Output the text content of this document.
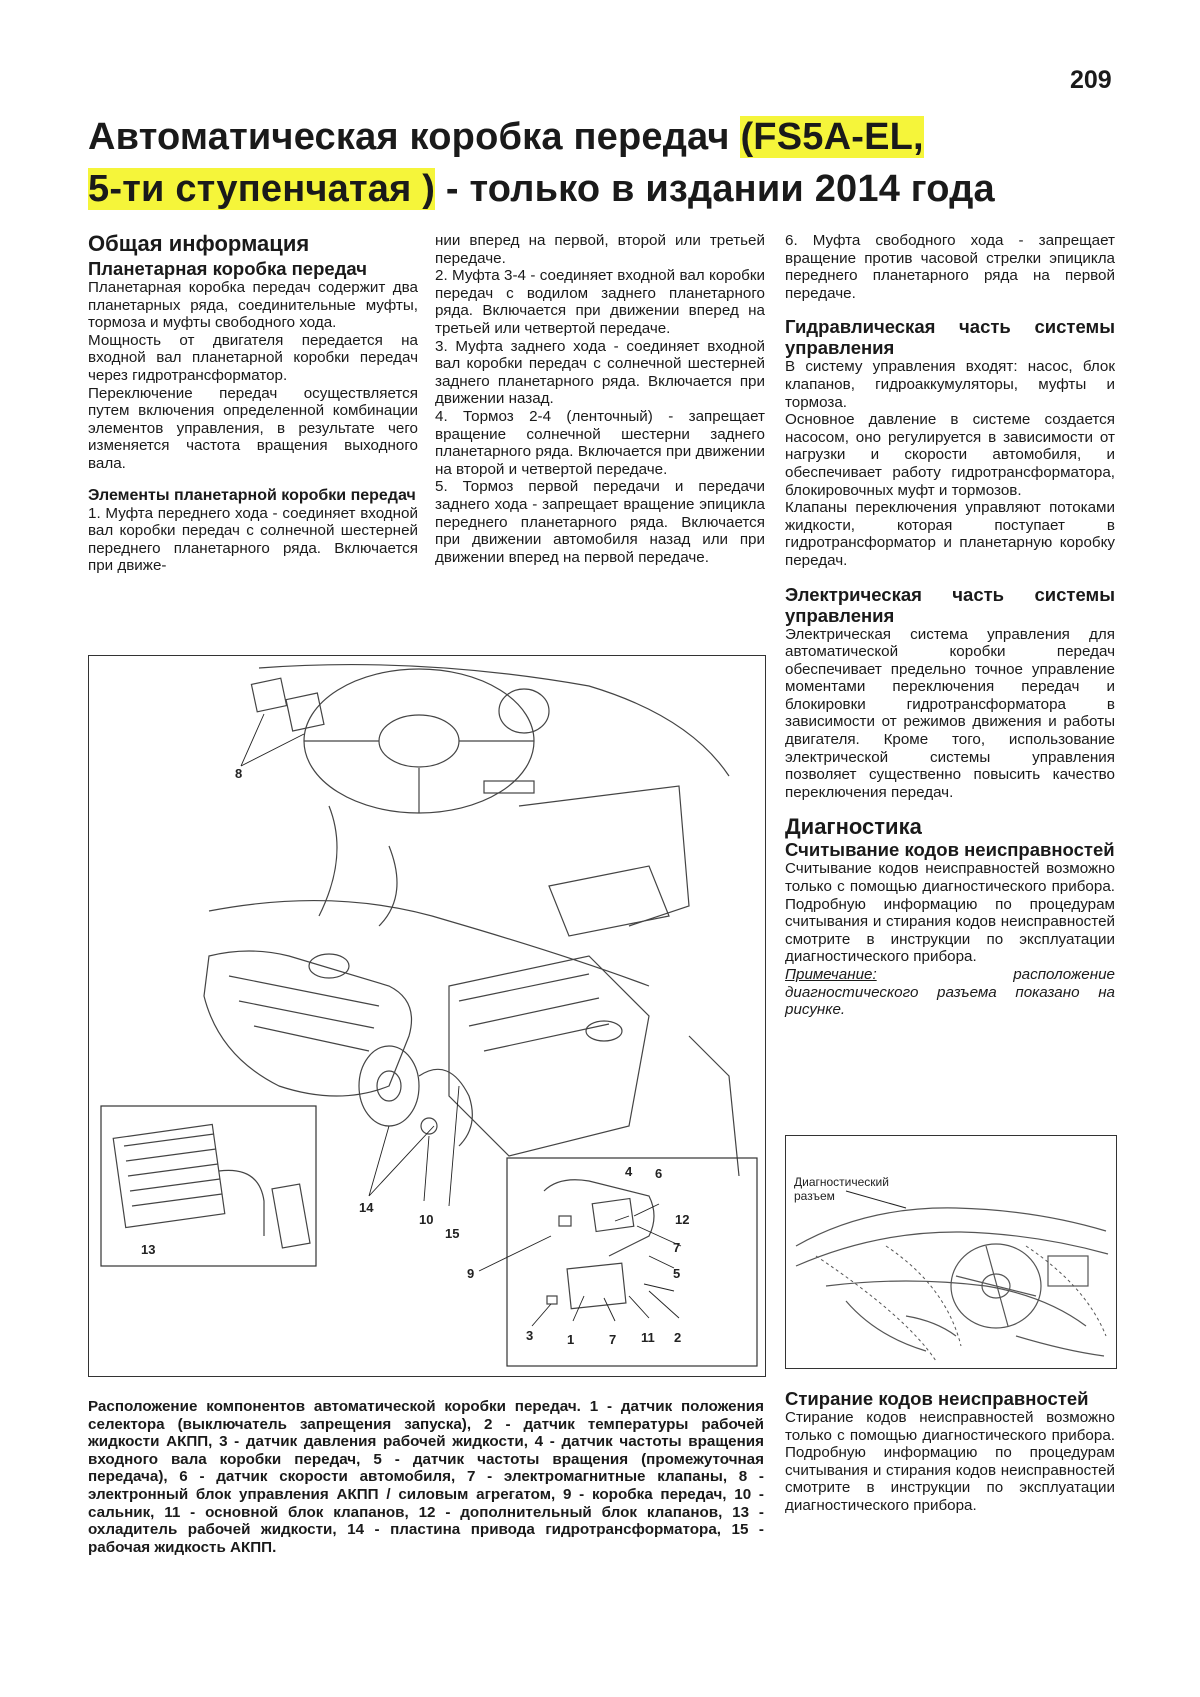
209
Автоматическая коробка передач (FS5A-EL,
5-ти ступенчатая ) - только в издании 2014 года

Общая информация

Планетарная коробка передач

Планетарная коробка передач содержит два планетарных ряда, соединительные муфты, тормоза и муфты свободного хода.

Мощность от двигателя передается на входной вал планетарной коробки передач через гидротрансформатор.

Переключение передач осуществляется путем включения определенной комбинации элементов управления, в результате чего изменяется частота вращения выходного вала.

Элементы планетарной коробки передач

1. Муфта переднего хода - соединяет входной вал коробки передач с солнечной шестерней переднего планетарного ряда. Включается при движе-

нии вперед на первой, второй или третьей передаче.

2. Муфта 3-4 - соединяет входной вал коробки передач с водилом заднего планетарного ряда. Включается при движении вперед на третьей или четвертой передаче.

3. Муфта заднего хода - соединяет входной вал коробки передач с солнечной шестерней заднего планетарного ряда. Включается при движении назад.

4. Тормоз 2-4 (ленточный) - запрещает вращение солнечной шестерни заднего планетарного ряда. Включается при движении на второй и четвертой передаче.

5. Тормоз первой передачи и передачи заднего хода - запрещает вращение эпицикла переднего планетарного ряда. Включается при движении автомобиля назад или при движении вперед на первой передаче.

6. Муфта свободного хода - запрещает вращение против часовой стрелки эпицикла переднего планетарного ряда на первой передаче.

Гидравлическая часть системы управления

В систему управления входят: насос, блок клапанов, гидроаккумуляторы, муфты и тормоза.

Основное давление в системе создается насосом, оно регулируется в зависимости от нагрузки и скорости автомобиля, и обеспечивает работу гидротрансформатора, блокировочных муфт и тормозов.

Клапаны переключения управляют потоками жидкости, которая поступает в гидротрансформатор и планетарную коробку передач.

Электрическая часть системы управления

Электрическая система управления для автоматической коробки передач обеспечивает предельно точное управление моментами переключения передач и блокировки гидротрансформатора в зависимости от режимов движения и работы двигателя. Кроме того, использование электрической системы управления позволяет существенно повысить качество переключения передач.

Диагностика

Считывание кодов неисправностей

Считывание кодов неисправностей возможно только с помощью диагностического прибора. Подробную информацию по процедурам считывания и стирания кодов неисправностей смотрите в инструкции по эксплуатации диагностического прибора.

Примечание: расположение диагностического разъема показано на рисунке.

Диагностический
разъем

Стирание кодов неисправностей

Стирание кодов неисправностей возможно только с помощью диагностического прибора. Подробную информацию по процедурам считывания и стирания кодов неисправностей смотрите в инструкции по эксплуатации диагностического прибора.

8
14
10
15
13
9
3	1	7 11 2
4 6
12
7
5
Расположение компонентов автоматической коробки передач. 1 - датчик положения селектора (выключатель запрещения запуска), 2 - датчик температуры рабочей жидкости АКПП, 3 - датчик давления рабочей жидкости, 4 - датчик частоты вращения входного вала коробки передач, 5 - датчик частоты вращения (промежуточная передача), 6 - датчик скорости автомобиля, 7 - электромагнитные клапаны, 8 - электронный блок управления АКПП / силовым агрегатом, 9 - коробка передач, 10 - сальник, 11 - основной блок клапанов, 12 - дополнительный блок клапанов, 13 - охладитель рабочей жидкости, 14 - пластина привода гидротрансформатора, 15 - рабочая жидкость АКПП.
